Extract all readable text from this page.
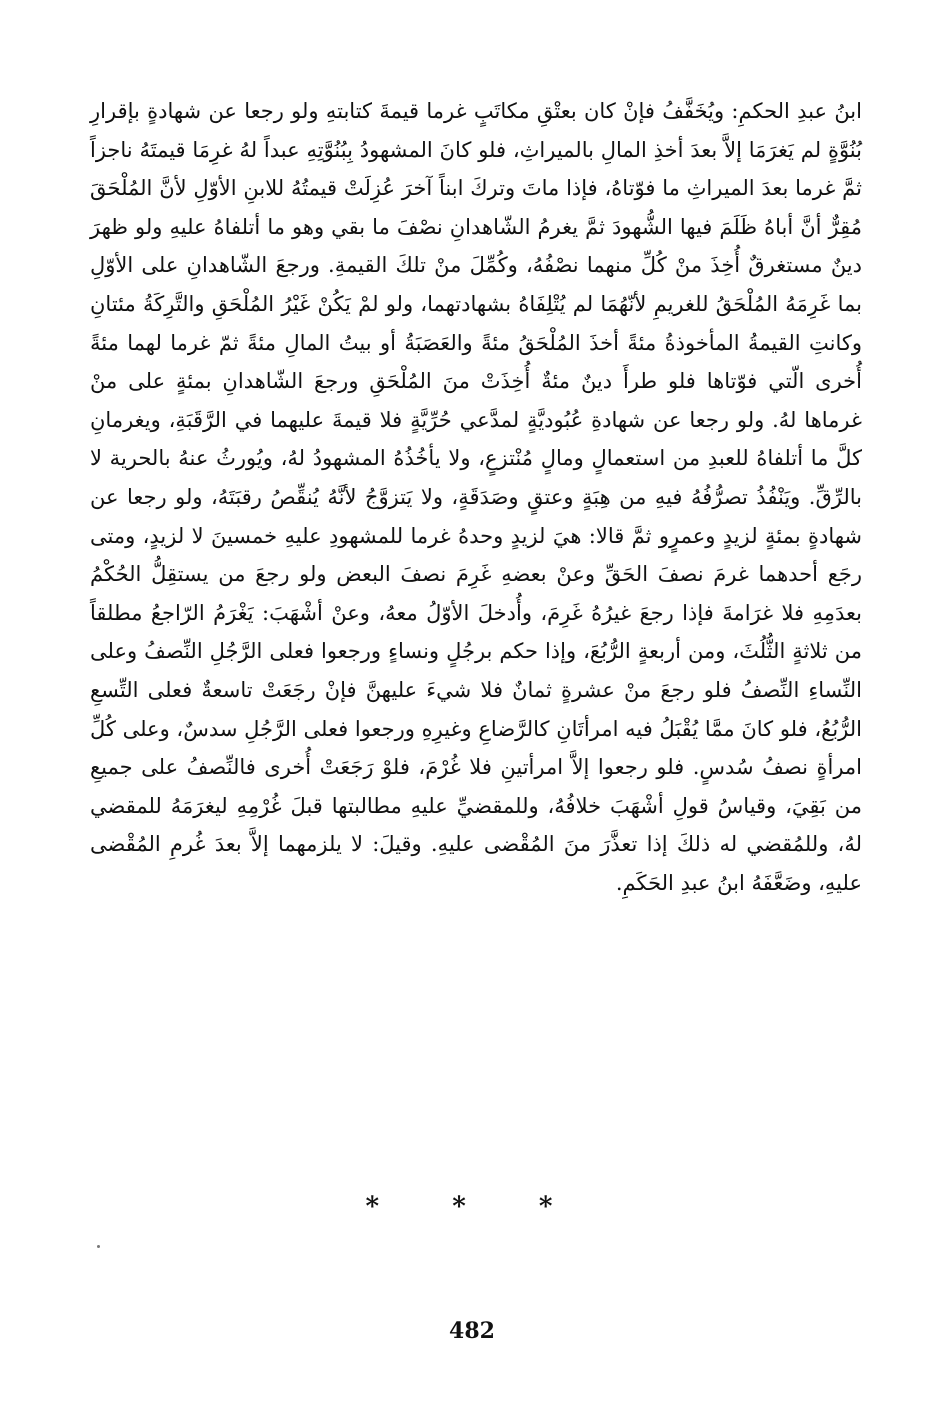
ابنُ عبدِ الحكمِ: ويُخَفَّفُ فإنْ كان بعتْقِ مكاتَبٍ غرما قيمةَ كتابتهِ ولو رجعا عن شهادةٍ بإقرارِ بُنُوَّةٍ لم يَغرَمَا إلاَّ بعدَ أخذِ المالِ بالميراثِ، فلو كانَ المشهودُ بِبُنُوَّتِهِ عبداً لهُ غرِمَا قيمتَهُ ناجزاً ثمَّ غرما بعدَ الميراثِ ما فوّتاهُ، فإذا ماتَ وتركَ ابناً آخرَ عُزِلَتْ قيمتُهُ للابنِ الأوّلِ لأنَّ المُلْحَقَ مُقِرٌّ أنَّ أباهُ ظَلَمَ فيها الشُّهودَ ثمَّ يغرمُ الشّاهدانِ نصْفَ ما بقي وهو ما أتلفاهُ عليهِ ولو ظهرَ دينٌ مستغرقٌ أُخِذَ منْ كُلِّ منهما نصْفُهُ، وكُمِّلَ منْ تلكَ القيمةِ. ورجعَ الشّاهدانِ على الأوّلِ بما غَرِمَهُ المُلْحَقُ للغريمِ لأنّهُمَا لم يُتْلِفَاهُ بشهادتهما، ولو لمْ يَكُنْ غَيْرُ المُلْحَقِ والتَّرِكَةُ مئتانِ وكانتِ القيمةُ المأخوذةُ مئةً أخذَ المُلْحَقُ مئةً والعَصَبَةُ أو بيتُ المالِ مئةً ثمّ غرما لهما مئةً أُخرى الّتي فوّتاها فلو طرأَ دينٌ مئةٌ أُخِذَتْ منَ المُلْحَقِ ورجعَ الشّاهدانِ بمئةٍ على منْ غرماها لهُ. ولو رجعا عن شهادةِ عُبُوديَّةٍ لمدَّعي حُرِّيَّةٍ فلا قيمةَ عليهما في الرَّقَبَةِ، ويغرمانِ كلَّ ما أتلفاهُ للعبدِ من استعمالٍ ومالٍ مُنْتزعٍ، ولا يأخُذُهُ المشهودُ لهُ، ويُورثُ عنهُ بالحرية لا بالرِّقِّ. ويَنْفُذُ تصرُّفُهُ فيهِ من هِبَةٍ وعتقٍ وصَدَقَةٍ، ولا يَتزوَّجُ لأنَّهُ يُنقِّصُ رقبَتَهُ، ولو رجعا عن شهادةٍ بمئةٍ لزيدٍ وعمرٍو ثمَّ قالا: هيَ لزيدٍ وحدهُ غرما للمشهودِ عليهِ خمسينَ لا لزيدٍ، ومتى رجَع أحدهما غرمَ نصفَ الحَقِّ وعنْ بعضهِ غَرِمَ نصفَ البعض ولو رجعَ من يستقِلُّ الحُكْمُ بعدَمِهِ فلا غرَامةَ فإذا رجعَ غيرُهُ غَرِمَ، وأُدخلَ الأوّلُ معهُ، وعنْ أشْهَبَ: يَغْرَمُ الرّاجعُ مطلقاً من ثلاثةٍ الثُّلُثَ، ومن أربعةٍ الرُّبُعَ، وإذا حكم برجُلٍ ونساءٍ ورجعوا فعلى الرَّجُلِ النِّصفُ وعلى النِّساءِ النِّصفُ فلو رجعَ منْ عشرةٍ ثمانٌ فلا شيءَ عليهنَّ فإنْ رجَعَتْ تاسعةٌ فعلى التِّسعِ الرُّبُعُ، فلو كانَ ممَّا يُقْبَلُ فيه امرأتَانِ كالرَّضاعِ وغيرِهِ ورجعوا فعلى الرَّجُلِ سدسٌ، وعلى كُلِّ امرأةٍ نصفُ سُدسٍ. فلو رجعوا إلاَّ امرأتينِ فلا غُرْمَ، فلوْ رَجَعَتْ أُخرى فالنِّصفُ على جميعِ من بَقِيَ، وقياسُ قولِ أشْهَبَ خلافُهُ، وللمقضيِّ عليهِ مطالبتها قبلَ غُرْمِهِ ليغرَمَهُ للمقضي لهُ، وللمُقضي له ذلكَ إذا تعذَّرَ منَ المُقْضى عليهِ. وقيلَ: لا يلزمهما إلاَّ بعدَ غُرمِ المُقْضى عليهِ، وضَعَّفَهُ ابنُ عبدِ الحَكَمِ.

* * *
482
